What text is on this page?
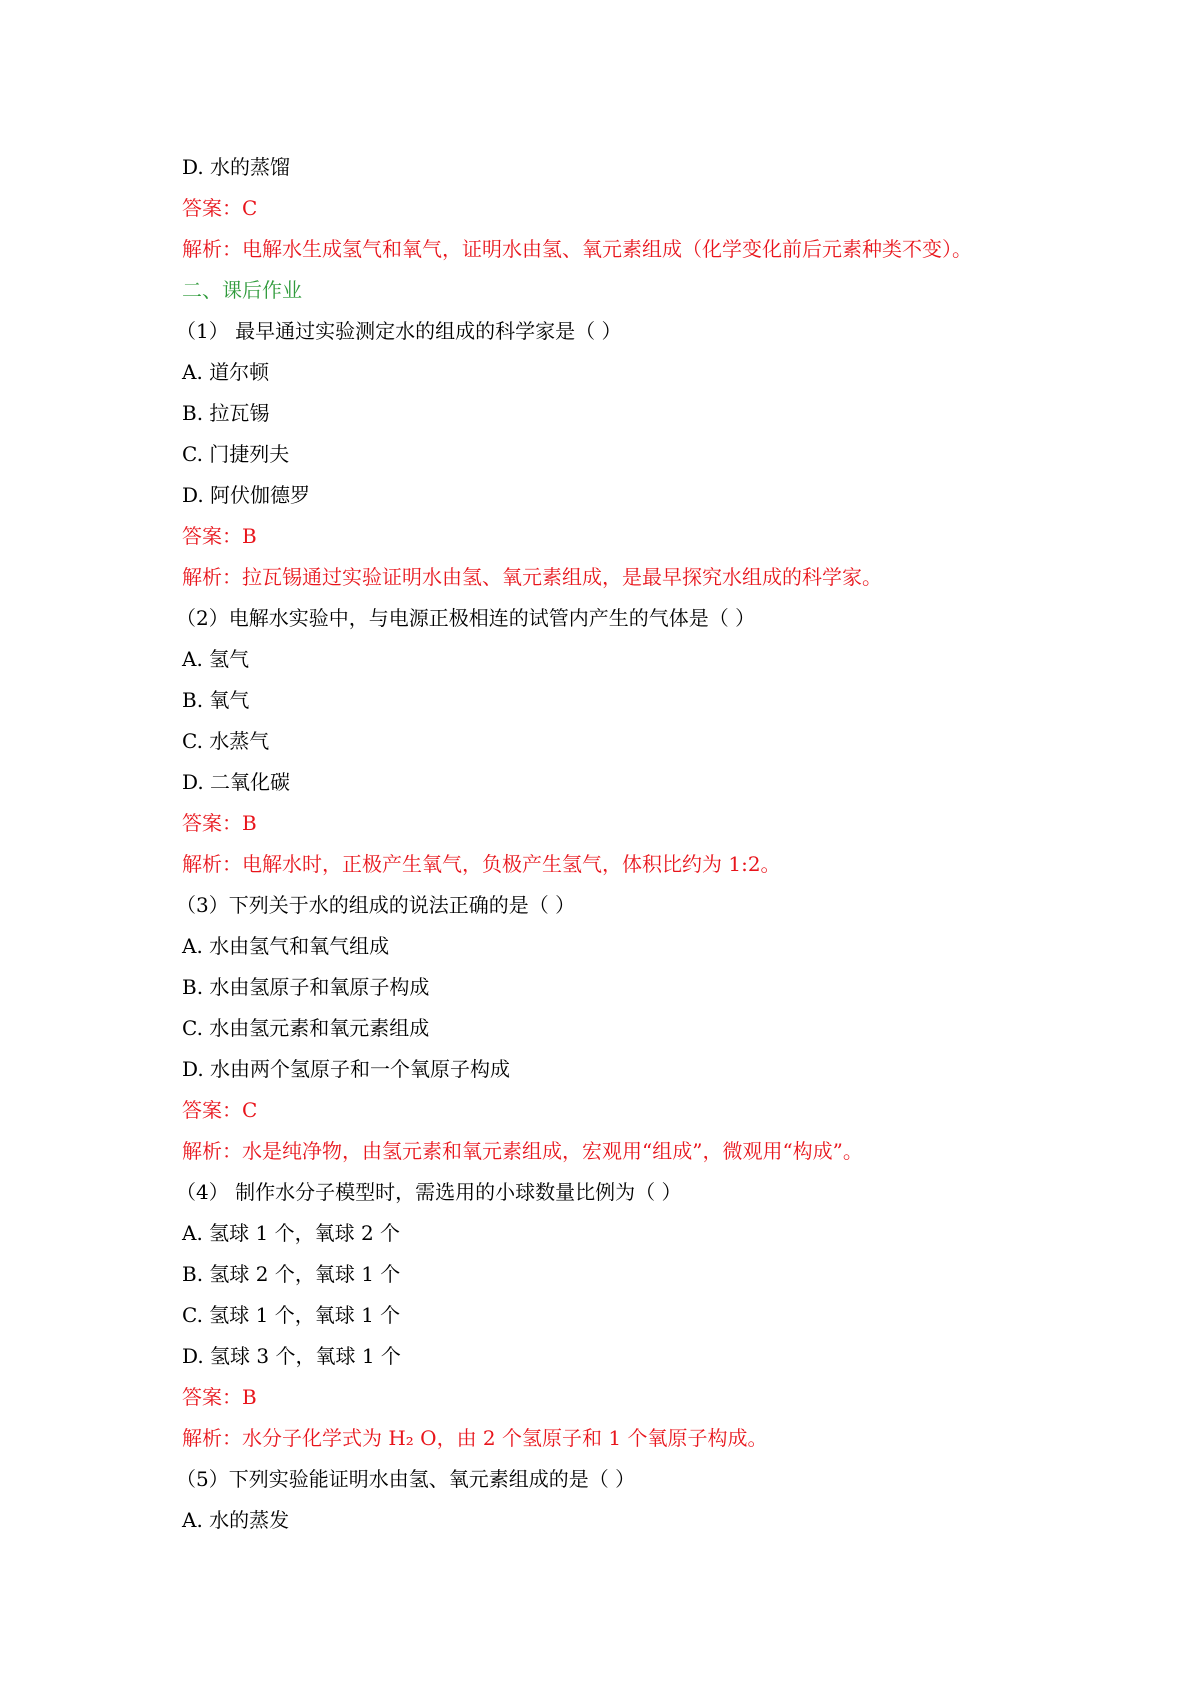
D. 水的蒸馏
答案：C
解析：电解水生成氢气和氧气，证明水由氢、氧元素组成（化学变化前后元素种类不变）。
二、课后作业
（1） 最早通过实验测定水的组成的科学家是（ ）
A. 道尔顿
B. 拉瓦锡
C. 门捷列夫
D. 阿伏伽德罗
答案：B
解析：拉瓦锡通过实验证明水由氢、氧元素组成，是最早探究水组成的科学家。
（2）电解水实验中，与电源正极相连的试管内产生的气体是（ ）
A. 氢气
B. 氧气
C. 水蒸气
D. 二氧化碳
答案：B
解析：电解水时，正极产生氧气，负极产生氢气，体积比约为 1:2。
（3）下列关于水的组成的说法正确的是（ ）
A. 水由氢气和氧气组成
B. 水由氢原子和氧原子构成
C. 水由氢元素和氧元素组成
D. 水由两个氢原子和一个氧原子构成
答案：C
解析：水是纯净物，由氢元素和氧元素组成，宏观用“组成”，微观用“构成”。
（4） 制作水分子模型时，需选用的小球数量比例为（ ）
A. 氢球 1 个，氧球 2 个
B. 氢球 2 个，氧球 1 个
C. 氢球 1 个，氧球 1 个
D. 氢球 3 个，氧球 1 个
答案：B
解析：水分子化学式为 H₂ O，由 2 个氢原子和 1 个氧原子构成。
（5）下列实验能证明水由氢、氧元素组成的是（ ）
A. 水的蒸发
